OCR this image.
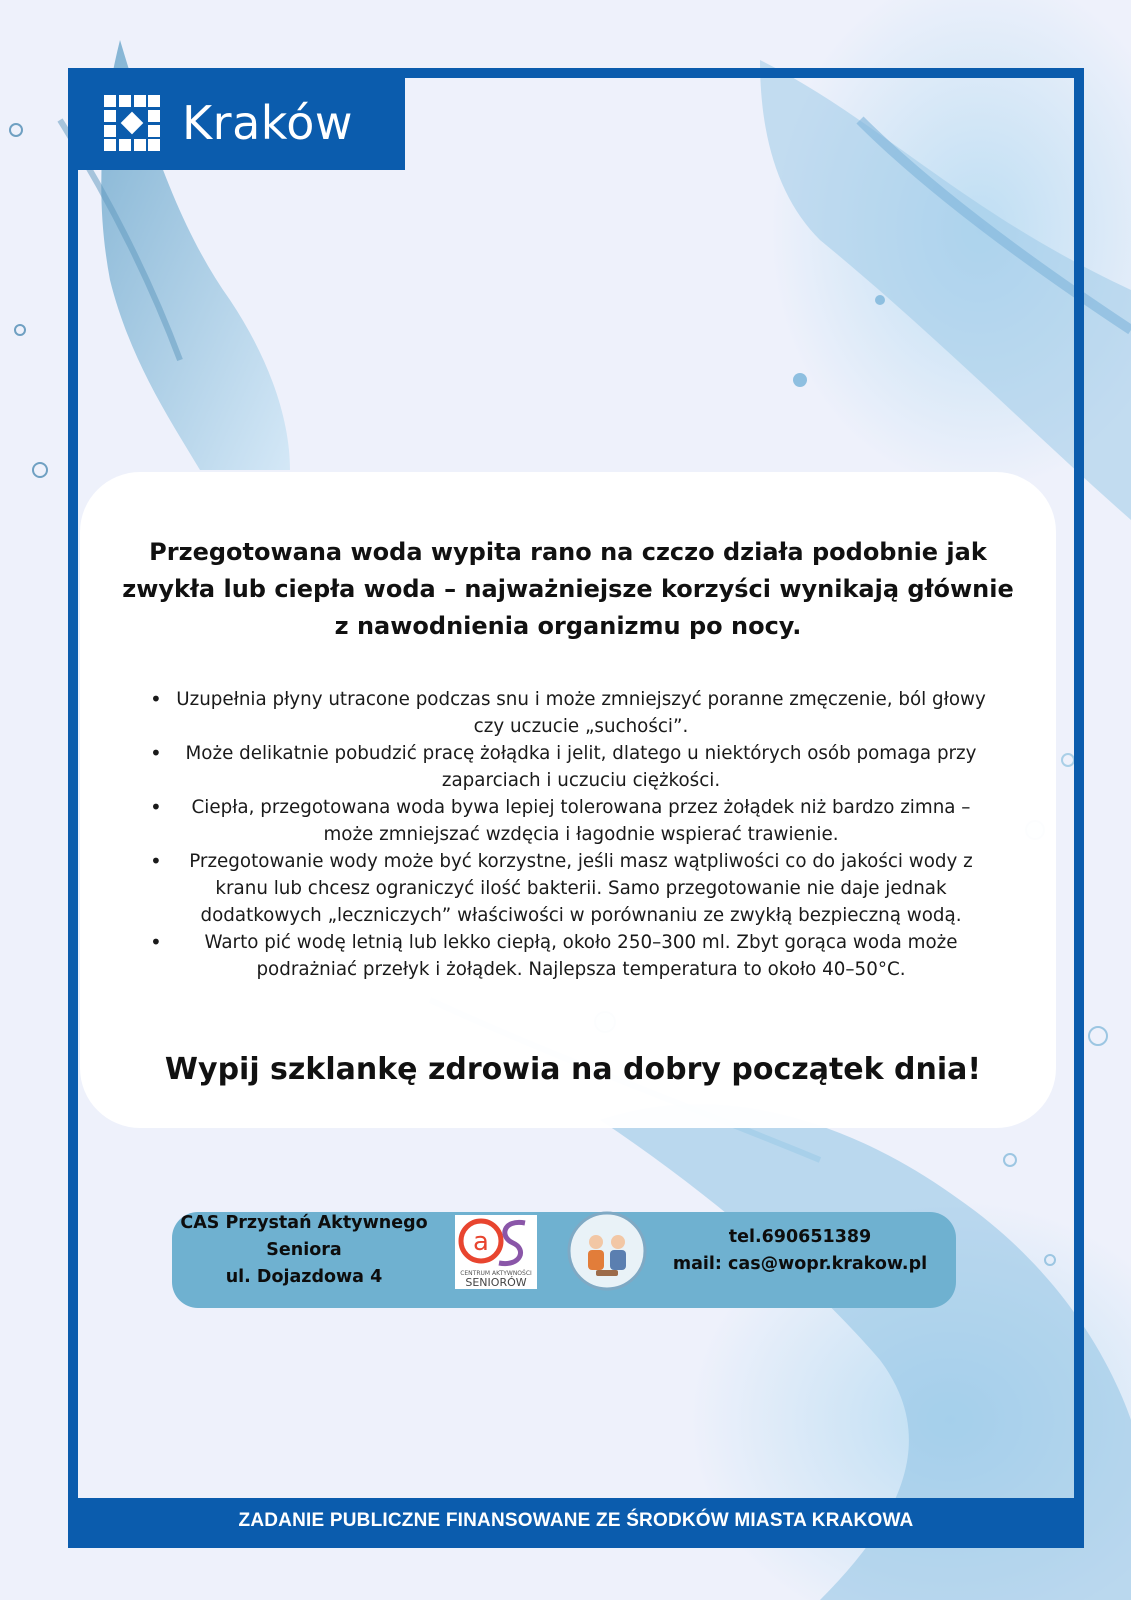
Kraków
Przegotowana woda wypita rano na czczo działa podobnie jak zwykła lub ciepła woda – najważniejsze korzyści wynikają głównie z nawodnienia organizmu po nocy.
• Uzupełnia płyny utracone podczas snu i może zmniejszyć poranne zmęczenie, ból głowy czy uczucie „suchości”.
• Może delikatnie pobudzić pracę żołądka i jelit, dlatego u niektórych osób pomaga przy zaparciach i uczuciu ciężkości.
• Ciepła, przegotowana woda bywa lepiej tolerowana przez żołądek niż bardzo zimna – może zmniejszać wzdęcia i łagodnie wspierać trawienie.
• Przegotowanie wody może być korzystne, jeśli masz wątpliwości co do jakości wody z kranu lub chcesz ograniczyć ilość bakterii. Samo przegotowanie nie daje jednak dodatkowych „leczniczych” właściwości w porównaniu ze zwykłą bezpieczną wodą.
• Warto pić wodę letnią lub lekko ciepłą, około 250–300 ml. Zbyt gorąca woda może podrażniać przełyk i żołądek. Najlepsza temperatura to około 40–50°C.
Wypij szklankę zdrowia na dobry początek dnia!
CAS Przystań Aktywnego
Seniora
ul. Dojazdowa 4
a
CENTRUM AKTYWNOŚCI
SENIORÓW
tel.690651389
mail: cas@wopr.krakow.pl
ZADANIE PUBLICZNE FINANSOWANE ZE ŚRODKÓW MIASTA KRAKOWA
